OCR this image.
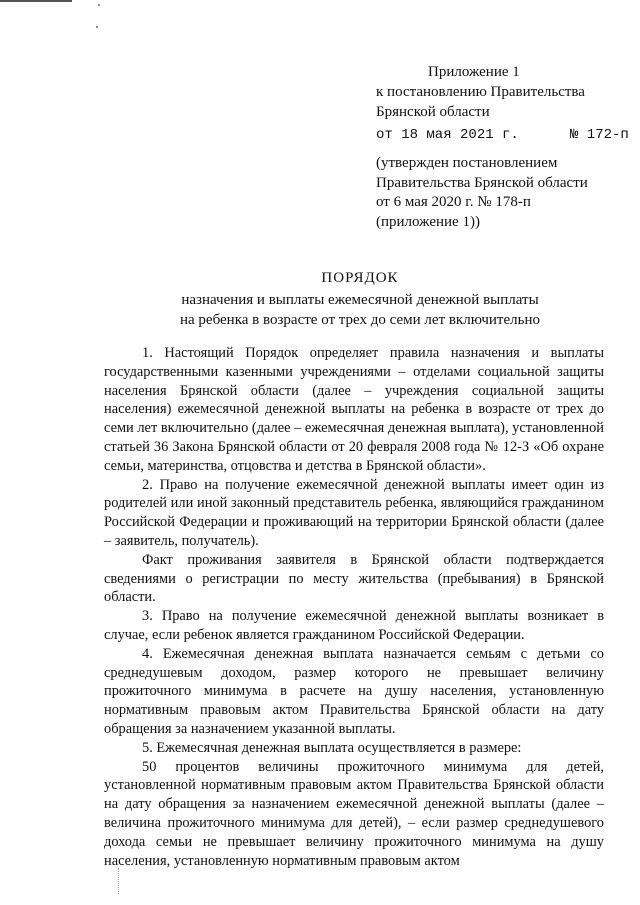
Приложение 1
к постановлению Правительства
Брянской области
от 18 мая 2021 г.	№ 172-п
(утвержден постановлением
Правительства Брянской области
от 6 мая 2020 г. № 178-п
(приложение 1))
ПОРЯДОК
назначения и выплаты ежемесячной денежной выплаты
на ребенка в возрасте от трех до семи лет включительно

1. Настоящий Порядок определяет правила назначения и выплаты государственными казенными учреждениями – отделами социальной защиты населения Брянской области (далее – учреждения социальной защиты населения) ежемесячной денежной выплаты на ребенка в возрасте от трех до семи лет включительно (далее – ежемесячная денежная выплата), установленной статьей 36 Закона Брянской области от 20 февраля 2008 года № 12-З «Об охране семьи, материнства, отцовства и детства в Брянской области».

2. Право на получение ежемесячной денежной выплаты имеет один из родителей или иной законный представитель ребенка, являющийся гражданином Российской Федерации и проживающий на территории Брянской области (далее – заявитель, получатель).

Факт проживания заявителя в Брянской области подтверждается сведениями о регистрации по месту жительства (пребывания) в Брянской области.

3. Право на получение ежемесячной денежной выплаты возникает в случае, если ребенок является гражданином Российской Федерации.

4. Ежемесячная денежная выплата назначается семьям с детьми со среднедушевым доходом, размер которого не превышает величину прожиточного минимума в расчете на душу населения, установленную нормативным правовым актом Правительства Брянской области на дату обращения за назначением указанной выплаты.

5. Ежемесячная денежная выплата осуществляется в размере:

50 процентов величины прожиточного минимума для детей, установленной нормативным правовым актом Правительства Брянской области на дату обращения за назначением ежемесячной денежной выплаты (далее – величина прожиточного минимума для детей), – если размер среднедушевого дохода семьи не превышает величину прожиточного минимума на душу населения, установленную нормативным правовым актом
